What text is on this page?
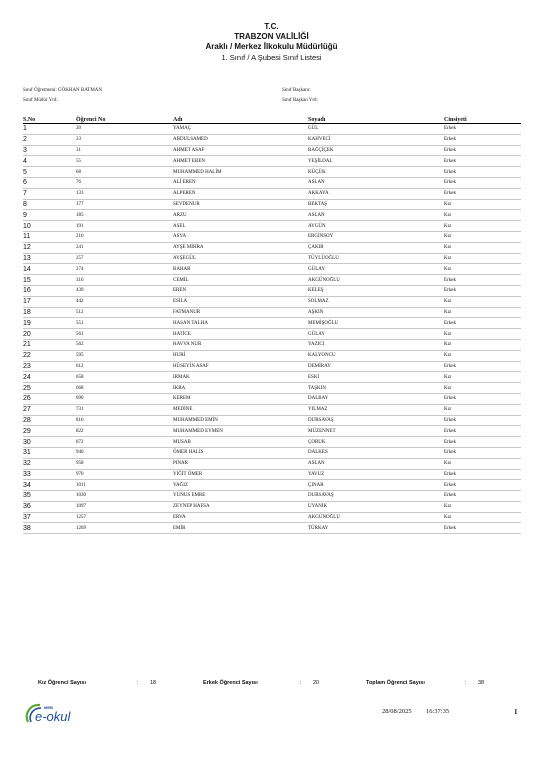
T.C.
TRABZON VALİLİĞİ
Araklı / Merkez İlkokulu Müdürlüğü
1. Sınıf / A Şubesi Sınıf Listesi
Sınıf Öğretmeni: GÖKHAN BATMAN
Sınıf Müdür Yrd:
Sınıf Başkanı:
Sınıf Başkan Yrd:
S.No	Öğrenci No	Adı	Soyadı	Cinsiyeti
1	20	YAMAÇ	GÜL	Erkek
2	23	ABDULSAMED	KAHVECİ	Erkek
3	31	AHMET ASAF	BAĞÇİÇEK	Erkek
4	55	AHMET EREN	YEŞİLDAL	Erkek
5	68	MUHAMMED HALİM	KÜÇÜK	Erkek
6	76	ALİ EREN	ASLAN	Erkek
7	133	ALPEREN	AKKAYA	Erkek
8	177	SEVDENUR	BEKTAŞ	Kız
9	185	ARZU	ASLAN	Kız
10	191	ASEL	AYGÜN	Kız
11	210	ASYA	ERGİNSOY	Kız
12	241	AYŞE MİHRA	ÇAKIR	Kız
13	257	AYŞEGÜL	TÜYLÜOĞLU	Kız
14	274	BAHAR	GÜLAY	Kız
15	316	CEMİL	AKGÜNOĞLU	Erkek
16	430	EREN	KELEŞ	Erkek
17	442	ESİLA	SOLMAZ	Kız
18	512	FATMANUR	AŞKIN	Kız
19	551	HASAN TALHA	MEMİŞOĞLU	Erkek
20	561	HATİCE	GÜLAY	Kız
21	562	HAVVA NUR	YAZICI	Kız
22	595	HURİ	KALYONCU	Kız
23	612	HÜSEYİN ASAF	DEMİRAY	Erkek
24	658	IRMAK	ESKİ	Kız
25	668	İKRA	TAŞKIN	Kız
26	690	KEREM	DALBAY	Erkek
27	731	MEDİNE	YILMAZ	Kız
28	816	MUHAMMED EMİN	DURSAVAŞ	Erkek
29	822	MUHAMMED EYMEN	MÜZENNET	Erkek
30	872	MUSAB	ÇORUK	Erkek
31	940	ÖMER HALİS	DALKES	Erkek
32	958	PINAR	ASLAN	Kız
33	970	YİĞİT ÖMER	YAVUZ	Erkek
34	1011	YAĞIZ	ÇINAR	Erkek
35	1030	YUNUS EMRE	DURSAVAŞ	Erkek
36	1097	ZEYNEP HAFSA	UYANIK	Kız
37	1257	ERVA	AKGÜNOĞLU	Kız
38	1269	EMİR	TÜRKAY	Erkek
Kız Öğrenci Sayısı	: 18	Erkek Öğrenci Sayısı	: 20	Toplam Öğrenci Sayısı	: 38
MEB
e-okul	28/08/2025 16:37:35	1
